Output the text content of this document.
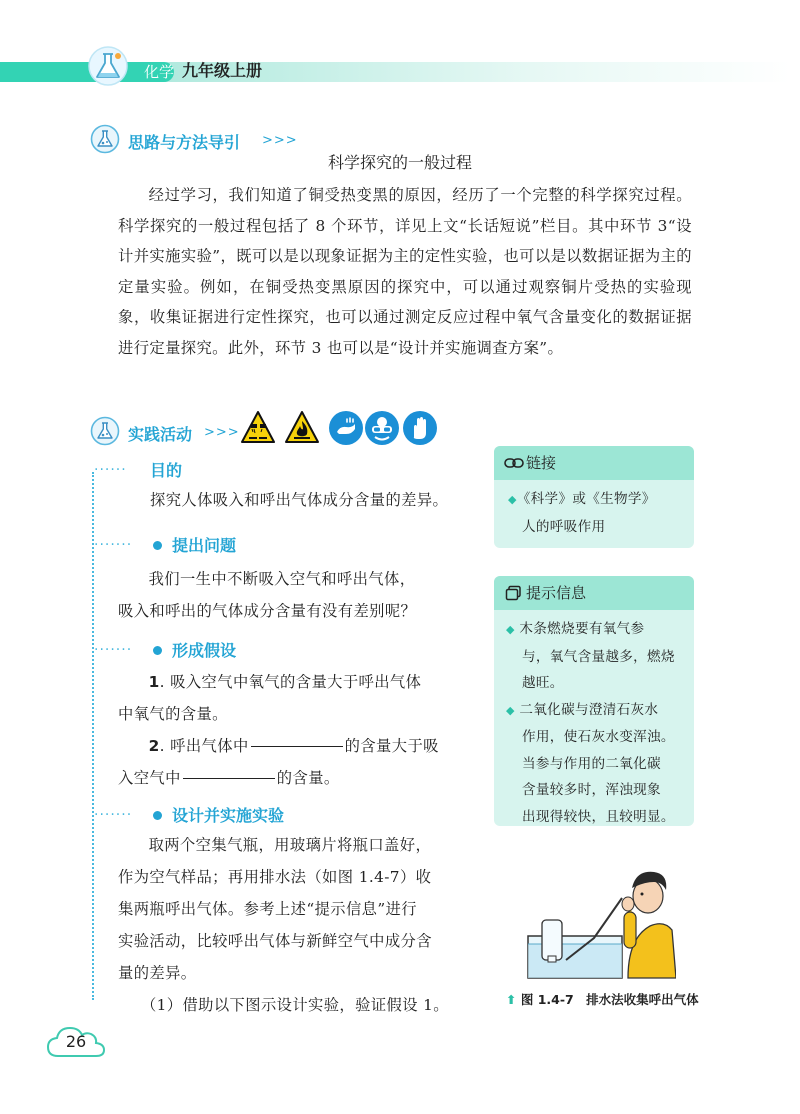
化学 九年级上册
思路与方法导引 >>>
科学探究的一般过程

经过学习，我们知道了铜受热变黑的原因，经历了一个完整的科学探究过程。科学探究的一般过程包括了 8 个环节，详见上文“长话短说”栏目。其中环节 3“设计并实施实验”，既可以是以现象证据为主的定性实验，也可以是以数据证据为主的定量实验。例如，在铜受热变黑原因的探究中，可以通过观察铜片受热的实验现象，收集证据进行定性探究，也可以通过测定反应过程中氧气含量变化的数据证据进行定量探究。此外，环节 3 也可以是“设计并实施调查方案”。

实践活动 >>>
······ 目的
探究人体吸入和呼出气体成分含量的差异。
······· 提出问题

我们一生中不断吸入空气和呼出气体，

吸入和呼出的气体成分含量有没有差别呢？

······· 形成假设

1. 吸入空气中氧气的含量大于呼出气体

中氧气的含量。

2. 呼出气体中	的含量大于吸

入空气中	的含量。

······· 设计并实施实验

取两个空集气瓶，用玻璃片将瓶口盖好，

作为空气样品；再用排水法（如图 1.4-7）收

集两瓶呼出气体。参考上述“提示信息”进行

实验活动，比较呼出气体与新鲜空气中成分含

量的差异。

（1）借助以下图示设计实验，验证假设 1。

链接
◆《科学》或《生物学》
人的呼吸作用
提示信息
◆ 木条燃烧要有氧气参
与，氧气含量越多，燃烧
越旺。
◆ 二氧化碳与澄清石灰水
作用，使石灰水变浑浊。
当参与作用的二氧化碳
含量较多时，浑浊现象
出现得较快，且较明显。
⬆ 图 1.4-7 排水法收集呼出气体
26
